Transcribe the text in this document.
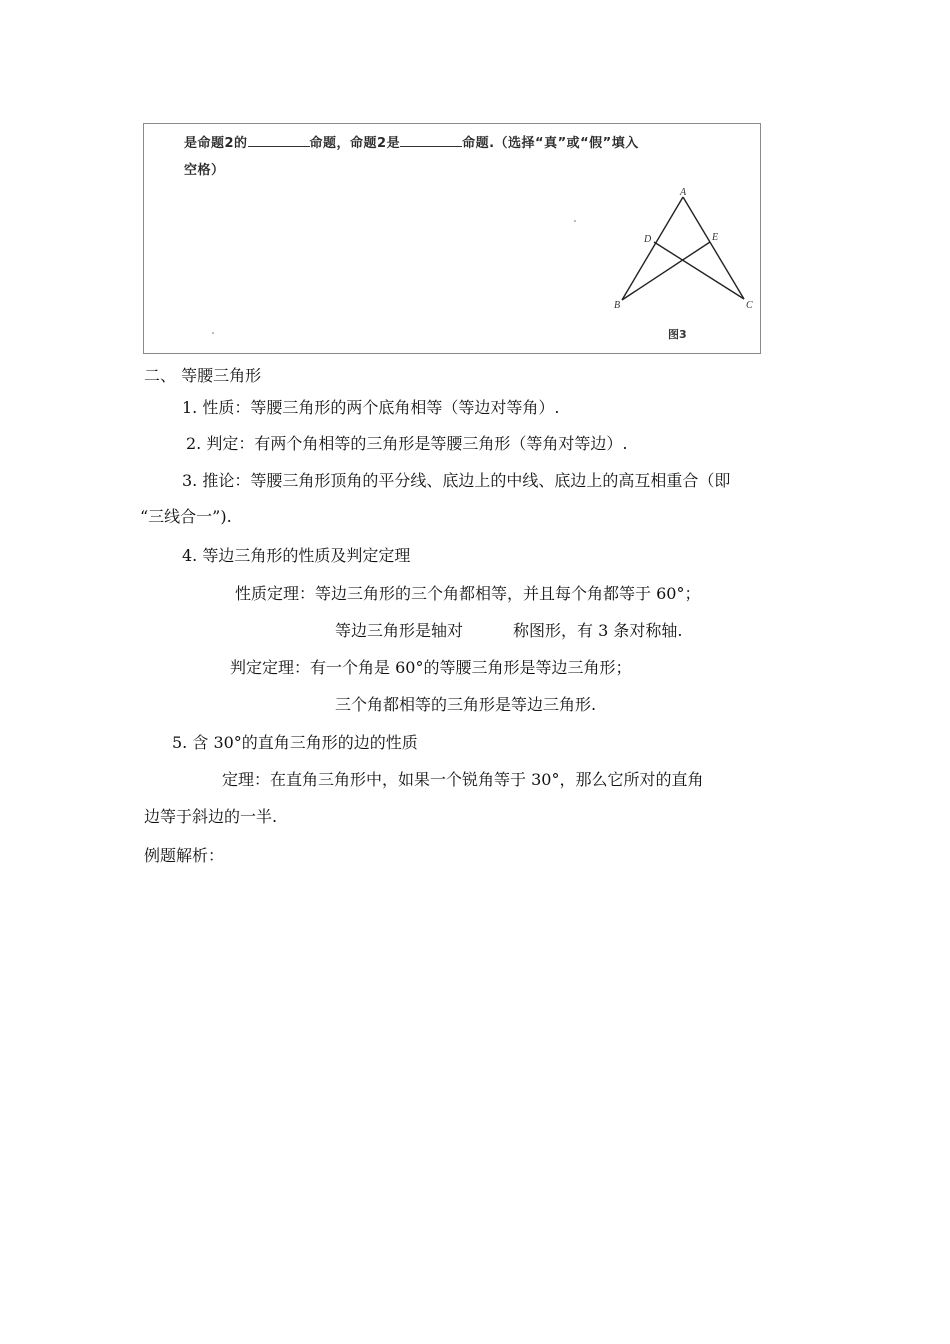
是命题2的	命题，命题2是	命题.（选择“真”或“假”填入
空格）
A
D	E
B	C
图3
二、 等腰三角形
1. 性质：等腰三角形的两个底角相等（等边对等角）.
2. 判定：有两个角相等的三角形是等腰三角形（等角对等边）.
3. 推论：等腰三角形顶角的平分线、底边上的中线、底边上的高互相重合（即
“三线合一”).
4. 等边三角形的性质及判定定理
性质定理：等边三角形的三个角都相等，并且每个角都等于 60°；
等边三角形是轴对	称图形，有 3 条对称轴.
判定定理：有一个角是 60°的等腰三角形是等边三角形；
三个角都相等的三角形是等边三角形.
5. 含 30°的直角三角形的边的性质
定理：在直角三角形中，如果一个锐角等于 30°，那么它所对的直角
边等于斜边的一半.
例题解析：
